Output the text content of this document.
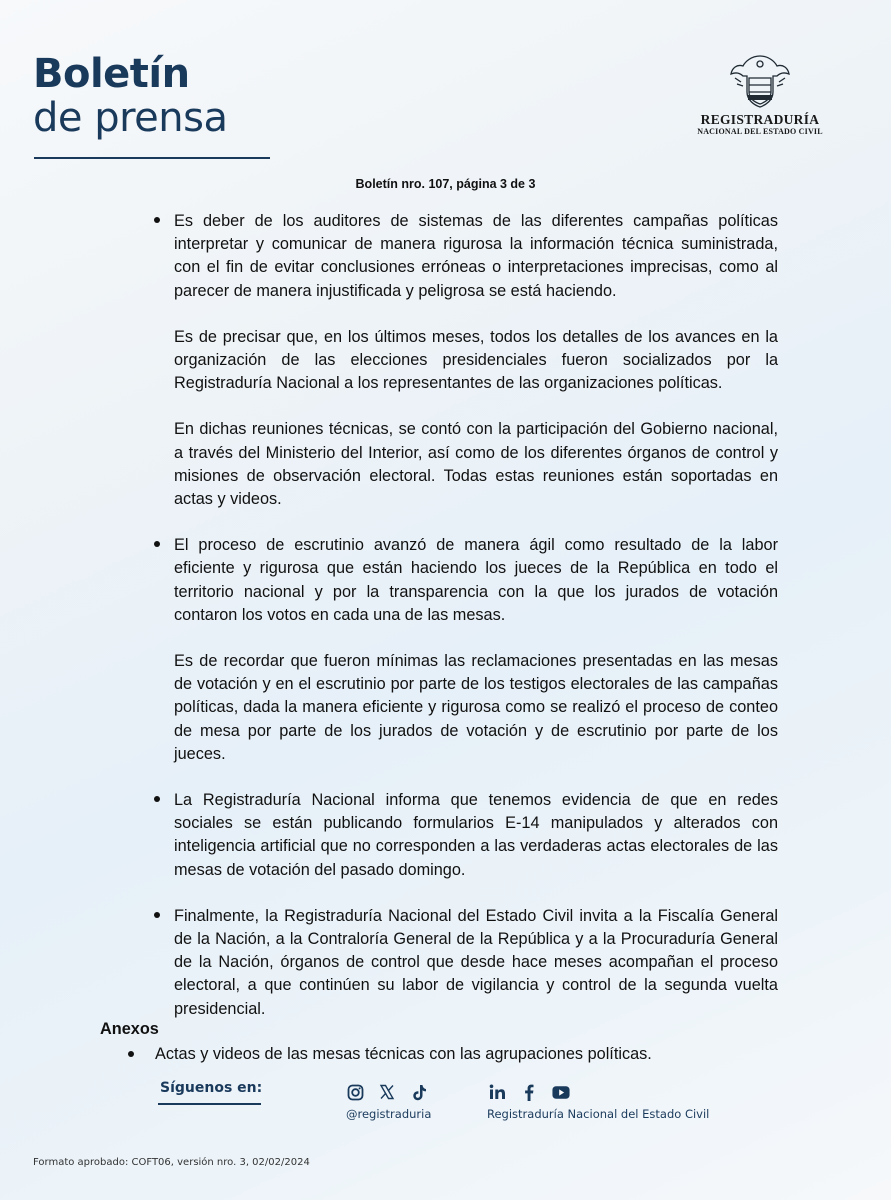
Boletín
de prensa	REGISTRADURÍA
NACIONAL DEL ESTADO CIVIL
Boletín nro. 107, página 3 de 3

Es deber de los auditores de sistemas de las diferentes campañas políticas interpretar y comunicar de manera rigurosa la información técnica suministrada, con el fin de evitar conclusiones erróneas o interpretaciones imprecisas, como al parecer de manera injustificada y peligrosa se está haciendo.

Es de precisar que, en los últimos meses, todos los detalles de los avances en la organización de las elecciones presidenciales fueron socializados por la Registraduría Nacional a los representantes de las organizaciones políticas.

En dichas reuniones técnicas, se contó con la participación del Gobierno nacional, a través del Ministerio del Interior, así como de los diferentes órganos de control y misiones de observación electoral. Todas estas reuniones están soportadas en actas y videos.

El proceso de escrutinio avanzó de manera ágil como resultado de la labor eficiente y rigurosa que están haciendo los jueces de la República en todo el territorio nacional y por la transparencia con la que los jurados de votación contaron los votos en cada una de las mesas.

Es de recordar que fueron mínimas las reclamaciones presentadas en las mesas de votación y en el escrutinio por parte de los testigos electorales de las campañas políticas, dada la manera eficiente y rigurosa como se realizó el proceso de conteo de mesa por parte de los jurados de votación y de escrutinio por parte de los jueces.

La Registraduría Nacional informa que tenemos evidencia de que en redes sociales se están publicando formularios E-14 manipulados y alterados con inteligencia artificial que no corresponden a las verdaderas actas electorales de las mesas de votación del pasado domingo.

Finalmente, la Registraduría Nacional del Estado Civil invita a la Fiscalía General de la Nación, a la Contraloría General de la República y a la Procuraduría General de la Nación, órganos de control que desde hace meses acompañan el proceso electoral, a que continúen su labor de vigilancia y control de la segunda vuelta presidencial.

Anexos

Actas y videos de las mesas técnicas con las agrupaciones políticas.

Síguenos en:
@registraduria	Registraduría Nacional del Estado Civil
Formato aprobado: COFT06, versión nro. 3, 02/02/2024
